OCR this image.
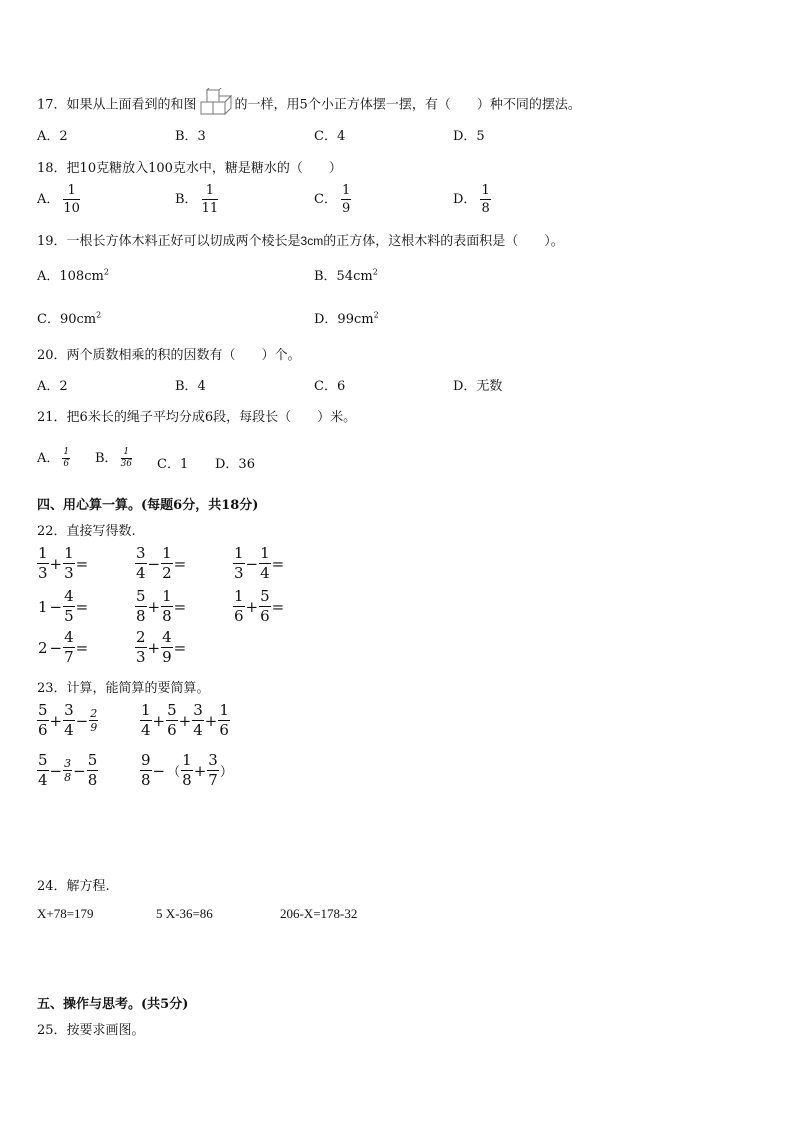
17．如果从上面看到的和图	的一样，用5个小正方体摆一摆，有（　　）种不同的摆法。
A．2	B．3	C．4	D．5
18．把10克糖放入100克水中，糖是糖水的（　　）
A． $\frac{1}{10}$	B． $\frac{1}{11}$	C． $\frac{1}{9}$	D． $\frac{1}{8}$
19．一根长方体木料正好可以切成两个棱长是3cm的正方体，这根木料的表面积是（　　）。
A．$108cm^2$	B．$54cm^2$
C．$90cm^2$	D．$99cm^2$
20．两个质数相乘的积的因数有（　　）个。
A．2	B．4	C．6	D．无数
21．把6米长的绳子平均分成6段，每段长（　　）米。
A． $\frac{1}{6}$ B． $\frac{1}{36}$ C．1 D．36
四、用心算一算。(每题6分，共18分)
22．直接写得数.
$\frac{1}{3} + \frac{1}{3}$ =	$\frac{3}{4} - \frac{1}{2}$ =	$\frac{1}{3} - \frac{1}{4}$ =
$1 - \frac{4}{5}$ =	$\frac{5}{8} + \frac{1}{8}$ =	$\frac{1}{6} + \frac{5}{6}$ =
$2 - \frac{4}{7}$ =	$\frac{2}{3} + \frac{4}{9}$ =
23．计算，能简算的要简算。
$\frac{5}{6} + \frac{3}{4} - \frac{2}{9}$	$\frac{1}{4} + \frac{5}{6} + \frac{3}{4} + \frac{1}{6}$
$\frac{5}{4} - \frac{3}{8} - \frac{5}{8}$	$\frac{9}{8}$ − （ $\frac{1}{8} + \frac{3}{7}$ ）
24．解方程.
X+78=179	5 X-36=86	206-X=178-32
五、操作与思考。(共5分)
25．按要求画图。
